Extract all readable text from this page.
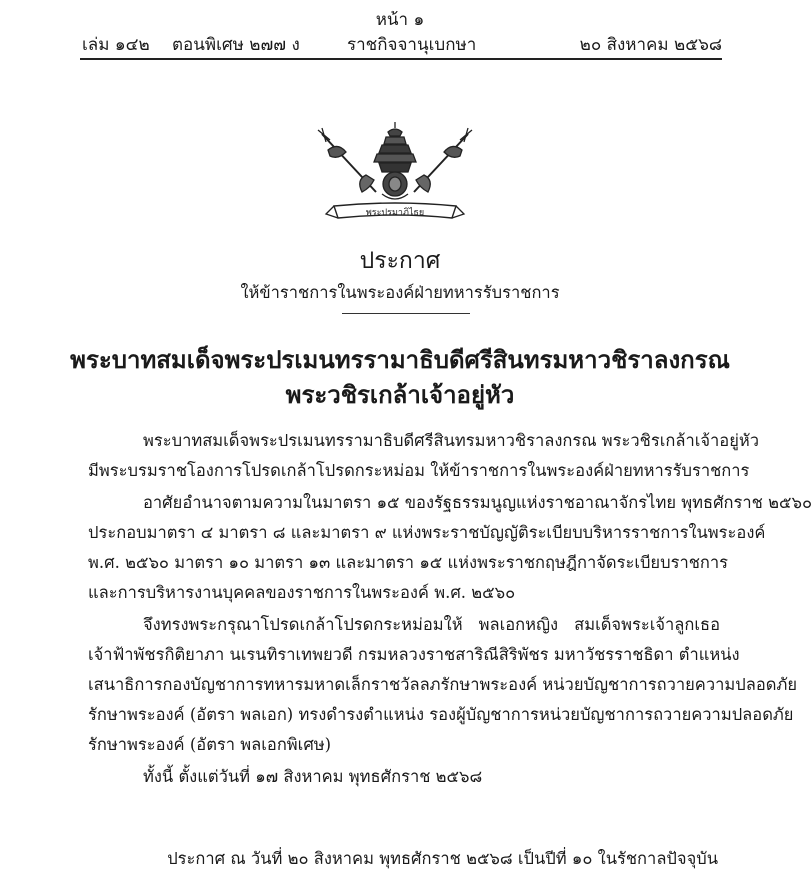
หน้า ๑
เล่ม ๑๔๒ ตอนพิเศษ ๒๗๗ ง	ราชกิจจานุเบกษา	๒๐ สิงหาคม ๒๕๖๘
พระปรมาภิไธย
ประกาศ
ให้ข้าราชการในพระองค์ฝ่ายทหารรับราชการ
พระบาทสมเด็จพระปรเมนทรรามาธิบดีศรีสินทรมหาวชิราลงกรณ
พระวชิรเกล้าเจ้าอยู่หัว

พระบาทสมเด็จพระปรเมนทรรามาธิบดีศรีสินทรมหาวชิราลงกรณ พระวชิรเกล้าเจ้าอยู่หัว

มีพระบรมราชโองการโปรดเกล้าโปรดกระหม่อม ให้ข้าราชการในพระองค์ฝ่ายทหารรับราชการ

อาศัยอำนาจตามความในมาตรา ๑๕ ของรัฐธรรมนูญแห่งราชอาณาจักรไทย พุทธศักราช ๒๕๖๐

ประกอบมาตรา ๔ มาตรา ๘ และมาตรา ๙ แห่งพระราชบัญญัติระเบียบบริหารราชการในพระองค์

พ.ศ. ๒๕๖๐ มาตรา ๑๐ มาตรา ๑๓ และมาตรา ๑๕ แห่งพระราชกฤษฎีกาจัดระเบียบราชการ

และการบริหารงานบุคคลของราชการในพระองค์ พ.ศ. ๒๕๖๐

จึงทรงพระกรุณาโปรดเกล้าโปรดกระหม่อมให้ พลเอกหญิง สมเด็จพระเจ้าลูกเธอ

เจ้าฟ้าพัชรกิติยาภา นเรนทิราเทพยวดี กรมหลวงราชสาริณีสิริพัชร มหาวัชรราชธิดา ตำแหน่ง

เสนาธิการกองบัญชาการทหารมหาดเล็กราชวัลลภรักษาพระองค์ หน่วยบัญชาการถวายความปลอดภัย

รักษาพระองค์ (อัตรา พลเอก) ทรงดำรงตำแหน่ง รองผู้บัญชาการหน่วยบัญชาการถวายความปลอดภัย

รักษาพระองค์ (อัตรา พลเอกพิเศษ)

ทั้งนี้ ตั้งแต่วันที่ ๑๗ สิงหาคม พุทธศักราช ๒๕๖๘

ประกาศ ณ วันที่ ๒๐ สิงหาคม พุทธศักราช ๒๕๖๘ เป็นปีที่ ๑๐ ในรัชกาลปัจจุบัน
